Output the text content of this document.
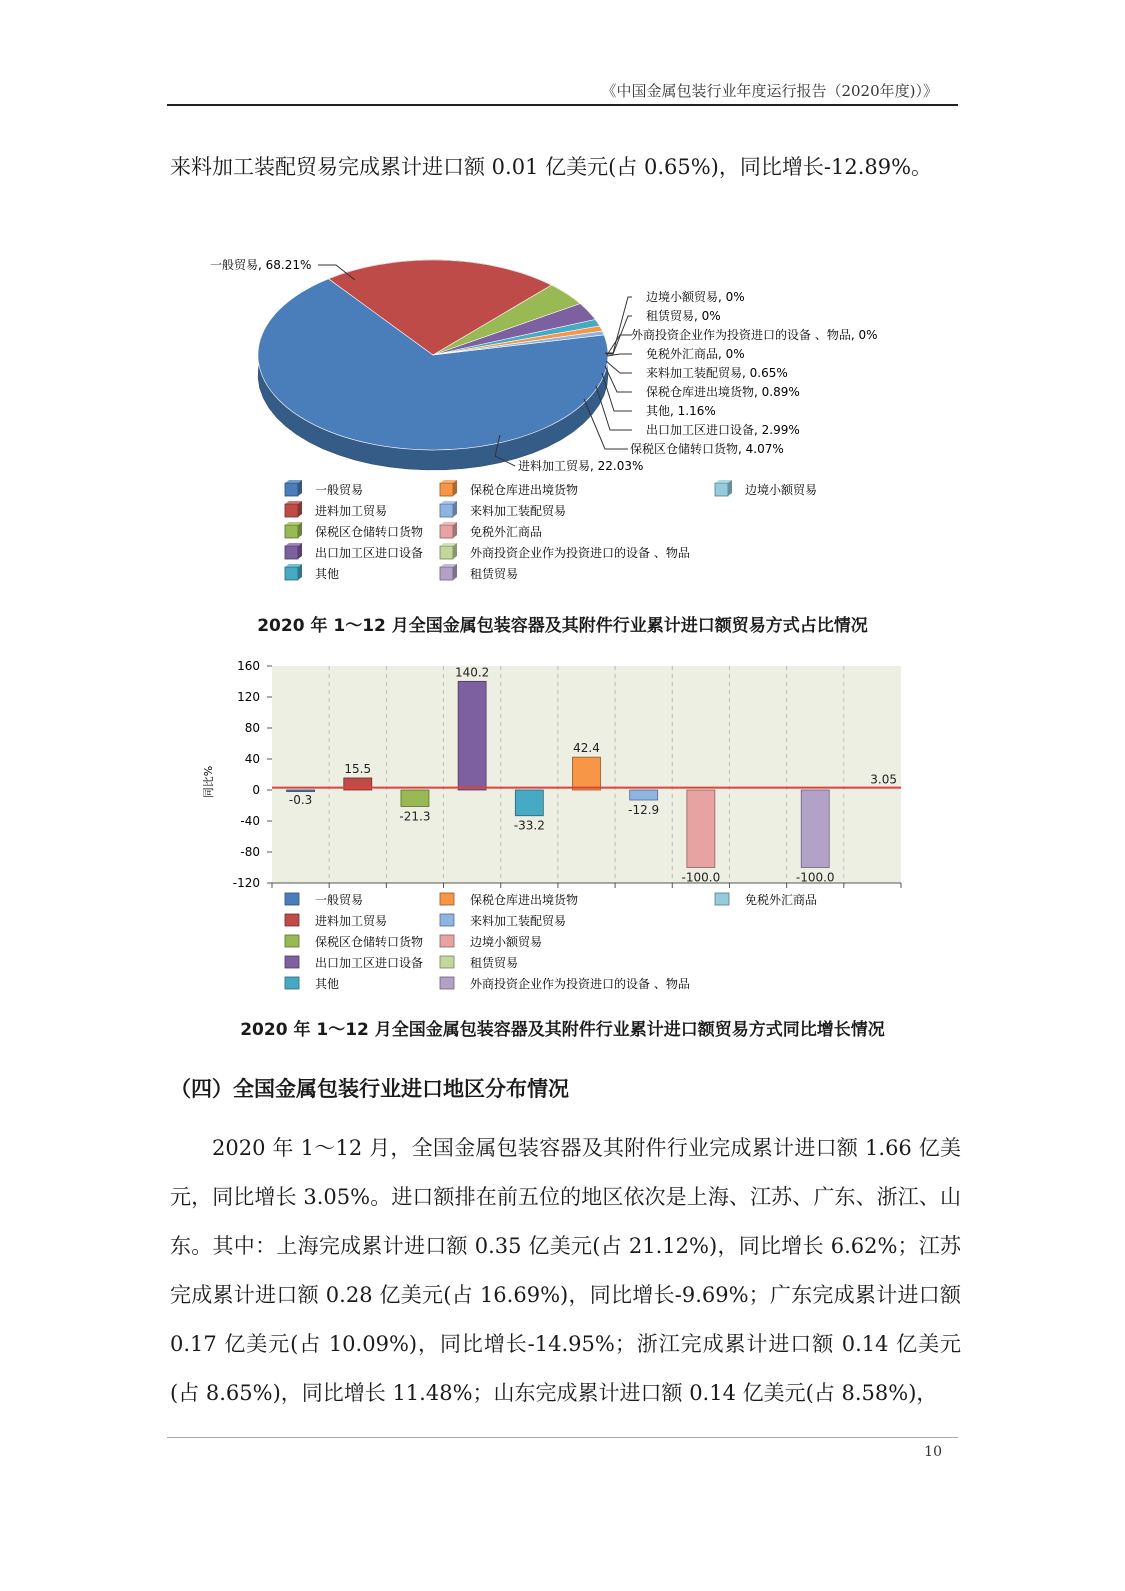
《中国金属包装行业年度运行报告（2020年度)）》

来料加工装配贸易完成累计进口额 0.01 亿美元(占 0.65%)，同比增长-12.89%。

一般贸易, 68.21%
进料加工贸易, 22.03%
边境小额贸易, 0%
租赁贸易, 0%
外商投资企业作为投资进口的设备 、物品, 0%
免税外汇商品, 0%
来料加工装配贸易, 0.65%
保税仓库进出境货物, 0.89%
其他, 1.16%
出口加工区进口设备, 2.99%
保税区仓储转口货物, 4.07%
一般贸易
进料加工贸易
保税区仓储转口货物
出口加工区进口设备
其他
保税仓库进出境货物
来料加工装配贸易
免税外汇商品
外商投资企业作为投资进口的设备 、物品
租赁贸易
边境小额贸易
2020 年 1～12 月全国金属包装容器及其附件行业累计进口额贸易方式占比情况
160
120
80
40
0
-40
-80
-120
同比%
-0.3
15.5
-21.3
140.2
-33.2
42.4
-12.9
-100.0	-100.0
3.05
一般贸易
进料加工贸易
保税区仓储转口货物
出口加工区进口设备
其他
保税仓库进出境货物
来料加工装配贸易
边境小额贸易
租赁贸易
外商投资企业作为投资进口的设备 、物品
免税外汇商品
2020 年 1～12 月全国金属包装容器及其附件行业累计进口额贸易方式同比增长情况
（四）全国金属包装行业进口地区分布情况

2020 年 1～12 月，全国金属包装容器及其附件行业完成累计进口额 1.66 亿美元，同比增长 3.05%。进口额排在前五位的地区依次是上海、江苏、广东、浙江、山东。其中：上海完成累计进口额 0.35 亿美元(占 21.12%)，同比增长 6.62%；江苏完成累计进口额 0.28 亿美元(占 16.69%)，同比增长-9.69%；广东完成累计进口额 0.17 亿美元(占 10.09%)，同比增长-14.95%；浙江完成累计进口额 0.14 亿美元(占 8.65%)，同比增长 11.48%；山东完成累计进口额 0.14 亿美元(占 8.58%)，

10
